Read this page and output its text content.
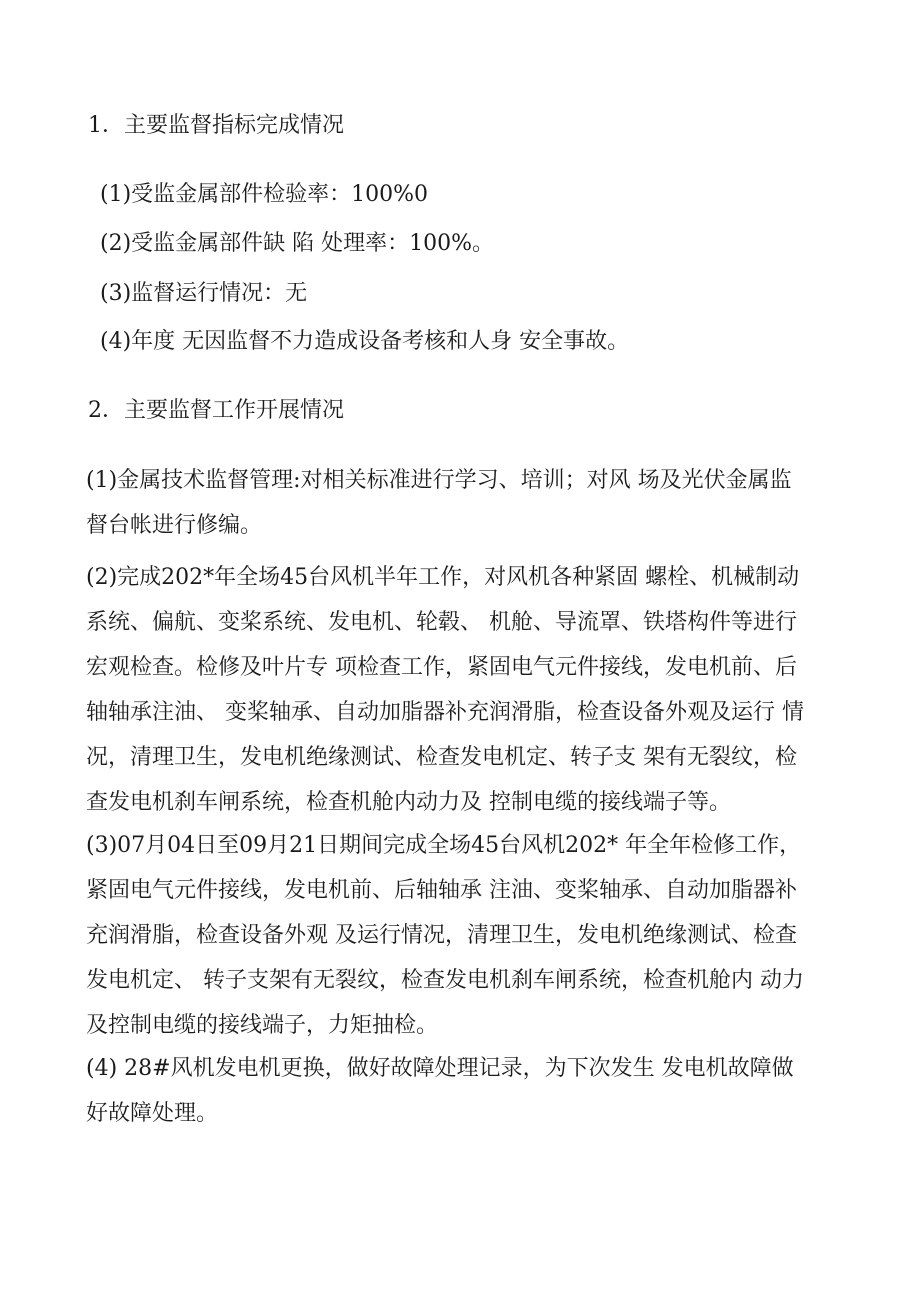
1．主要监督指标完成情况
(1)受监金属部件检验率：100%0
(2)受监金属部件缺 陷 处理率：100%。
(3)监督运行情况：无
(4)年度 无因监督不力造成设备考核和人身 安全事故。
2．主要监督工作开展情况
(1)金属技术监督管理:对相关标准进行学习、培训；对风 场及光伏金属监
督台帐进行修编。
(2)完成202*年全场45台风机半年工作，对风机各种紧固 螺栓、机械制动
系统、偏航、变桨系统、发电机、轮毂、 机舱、导流罩、铁塔构件等进行
宏观检查。检修及叶片专 项检查工作，紧固电气元件接线，发电机前、后
轴轴承注油、 变桨轴承、自动加脂器补充润滑脂，检查设备外观及运行 情
况，清理卫生，发电机绝缘测试、检查发电机定、转子支 架有无裂纹，检
查发电机刹车闸系统，检查机舱内动力及 控制电缆的接线端子等。
(3)07月04日至09月21日期间完成全场45台风机202* 年全年检修工作，
紧固电气元件接线，发电机前、后轴轴承 注油、变桨轴承、自动加脂器补
充润滑脂，检查设备外观 及运行情况，清理卫生，发电机绝缘测试、检查
发电机定、 转子支架有无裂纹，检查发电机刹车闸系统，检查机舱内 动力
及控制电缆的接线端子，力矩抽检。
(4) 28#风机发电机更换，做好故障处理记录，为下次发生 发电机故障做
好故障处理。
